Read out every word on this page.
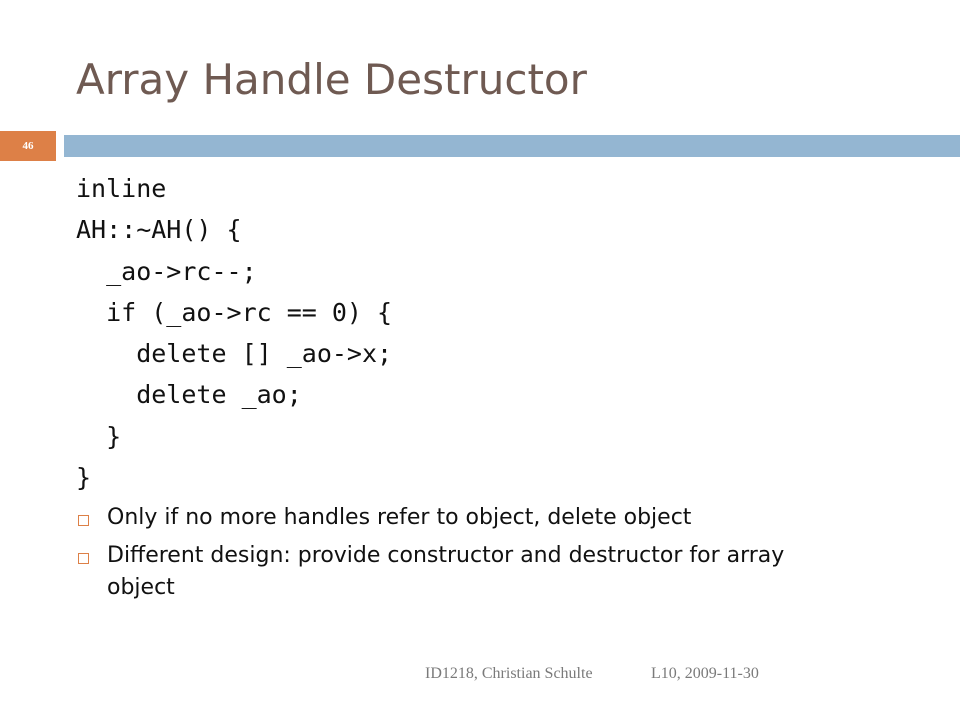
Array Handle Destructor
46
inline
AH::~AH() {
_ao->rc--;
if (_ao->rc == 0) {
delete [] _ao->x;
delete _ao;
}
}
Only if no more handles refer to object, delete object
Different design: provide constructor and destructor for array object
ID1218, Christian Schulte	L10, 2009-11-30
